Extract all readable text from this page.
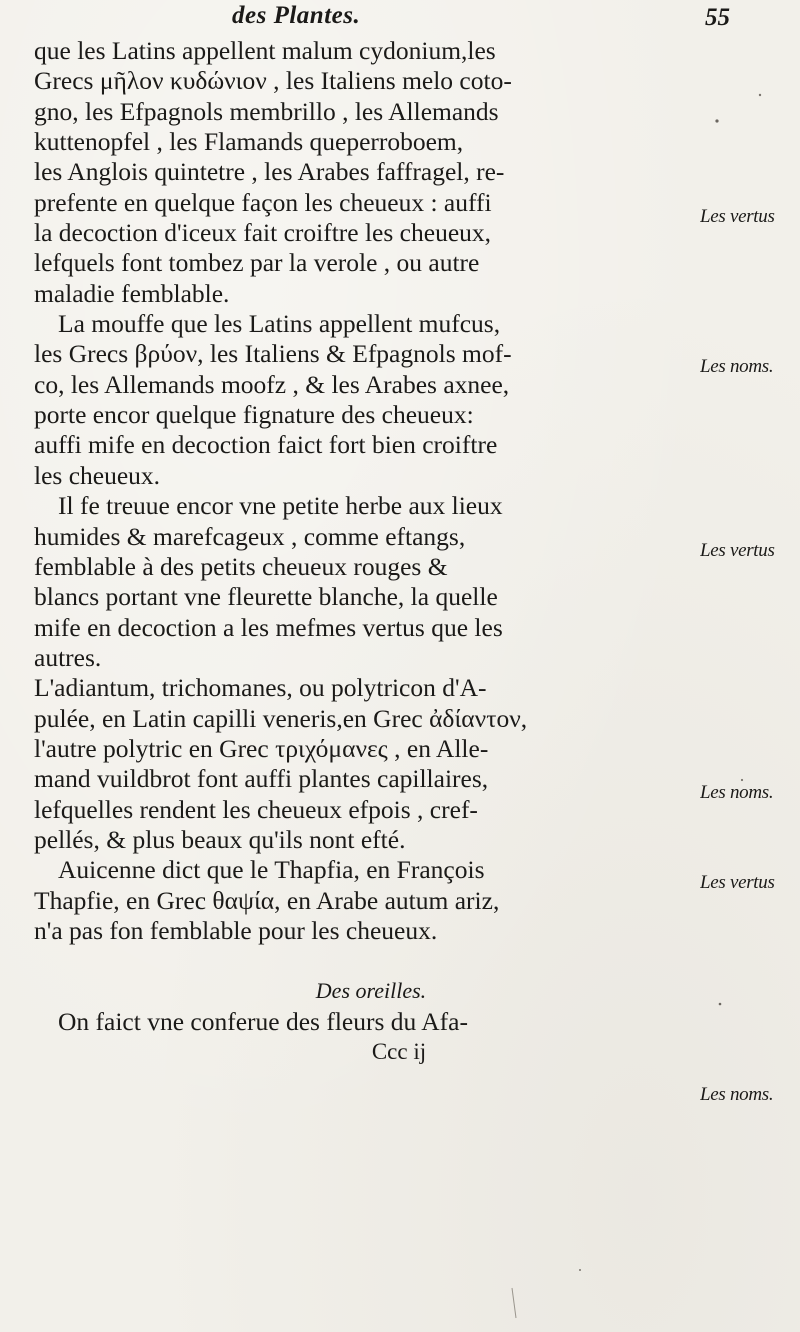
des Plantes.	55
que les Latins appellent malum cydonium,les
Grecs μῆλον κυδώνιον , les Italiens melo coto-
gno, les Efpagnols membrillo , les Allemands
kuttenopfel , les Flamands queperroboem,
les Anglois quintetre , les Arabes faffragel, re-
prefente en quelque façon les cheueux : auffi
la decoction d'iceux fait croiftre les cheueux,
lefquels font tombez par la verole , ou autre
maladie femblable.
La mouffe que les Latins appellent mufcus,
les Grecs βρύον, les Italiens & Efpagnols mof-
co, les Allemands moofz , & les Arabes axnee,
porte encor quelque fignature des cheueux:
auffi mife en decoction faict fort bien croiftre
les cheueux.
Il fe treuue encor vne petite herbe aux lieux
humides & marefcageux , comme eftangs,
femblable à des petits cheueux rouges &
blancs portant vne fleurette blanche, la quelle
mife en decoction a les mefmes vertus que les
autres.
L'adiantum, trichomanes, ou polytricon d'A-
pulée, en Latin capilli veneris,en Grec ἀδίαντον,
l'autre polytric en Grec τριχόμανες , en Alle-
mand vuildbrot font auffi plantes capillaires,
lefquelles rendent les cheueux efpois , cref-
pellés, & plus beaux qu'ils nont efté.
Auicenne dict que le Thapfia, en François
Thapfie, en Grec θαψία, en Arabe autum ariz,
n'a pas fon femblable pour les cheueux.
Des oreilles.
On faict vne conferue des fleurs du Afa-
Ccc ij
Les vertus
Les noms.
Les vertus
Les noms.
Les vertus
Les noms.
